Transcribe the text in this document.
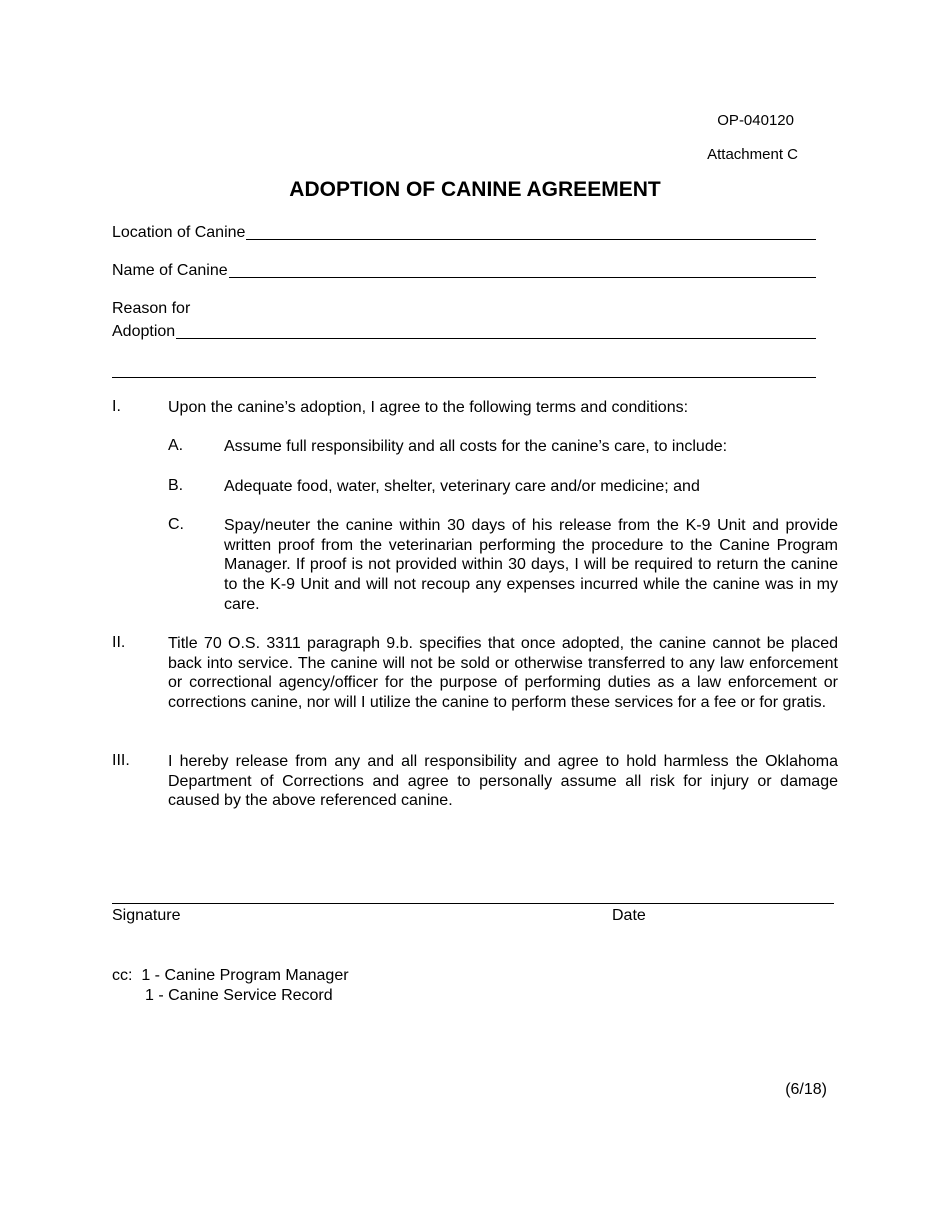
OP-040120
Attachment C
ADOPTION OF CANINE AGREEMENT
Location of Canine
Name of Canine
Reason for
Adoption
I.	Upon the canine’s adoption, I agree to the following terms and conditions:
A.	Assume full responsibility and all costs for the canine’s care, to include:
B.	Adequate food, water, shelter, veterinary care and/or medicine; and
C.	Spay/neuter the canine within 30 days of his release from the K-9 Unit and provide written proof from the veterinarian performing the procedure to the Canine Program Manager. If proof is not provided within 30 days, I will be required to return the canine to the K-9 Unit and will not recoup any expenses incurred while the canine was in my care.
II.	Title 70 O.S. 3311 paragraph 9.b. specifies that once adopted, the canine cannot be placed back into service. The canine will not be sold or otherwise transferred to any law enforcement or correctional agency/officer for the purpose of performing duties as a law enforcement or corrections canine, nor will I utilize the canine to perform these services for a fee or for gratis.
III. I hereby release from any and all responsibility and agree to hold harmless the Oklahoma Department of Corrections and agree to personally assume all risk for injury or damage caused by the above referenced canine.
Signature	Date
cc:  1 - Canine Program Manager
1 - Canine Service Record
(6/18)
